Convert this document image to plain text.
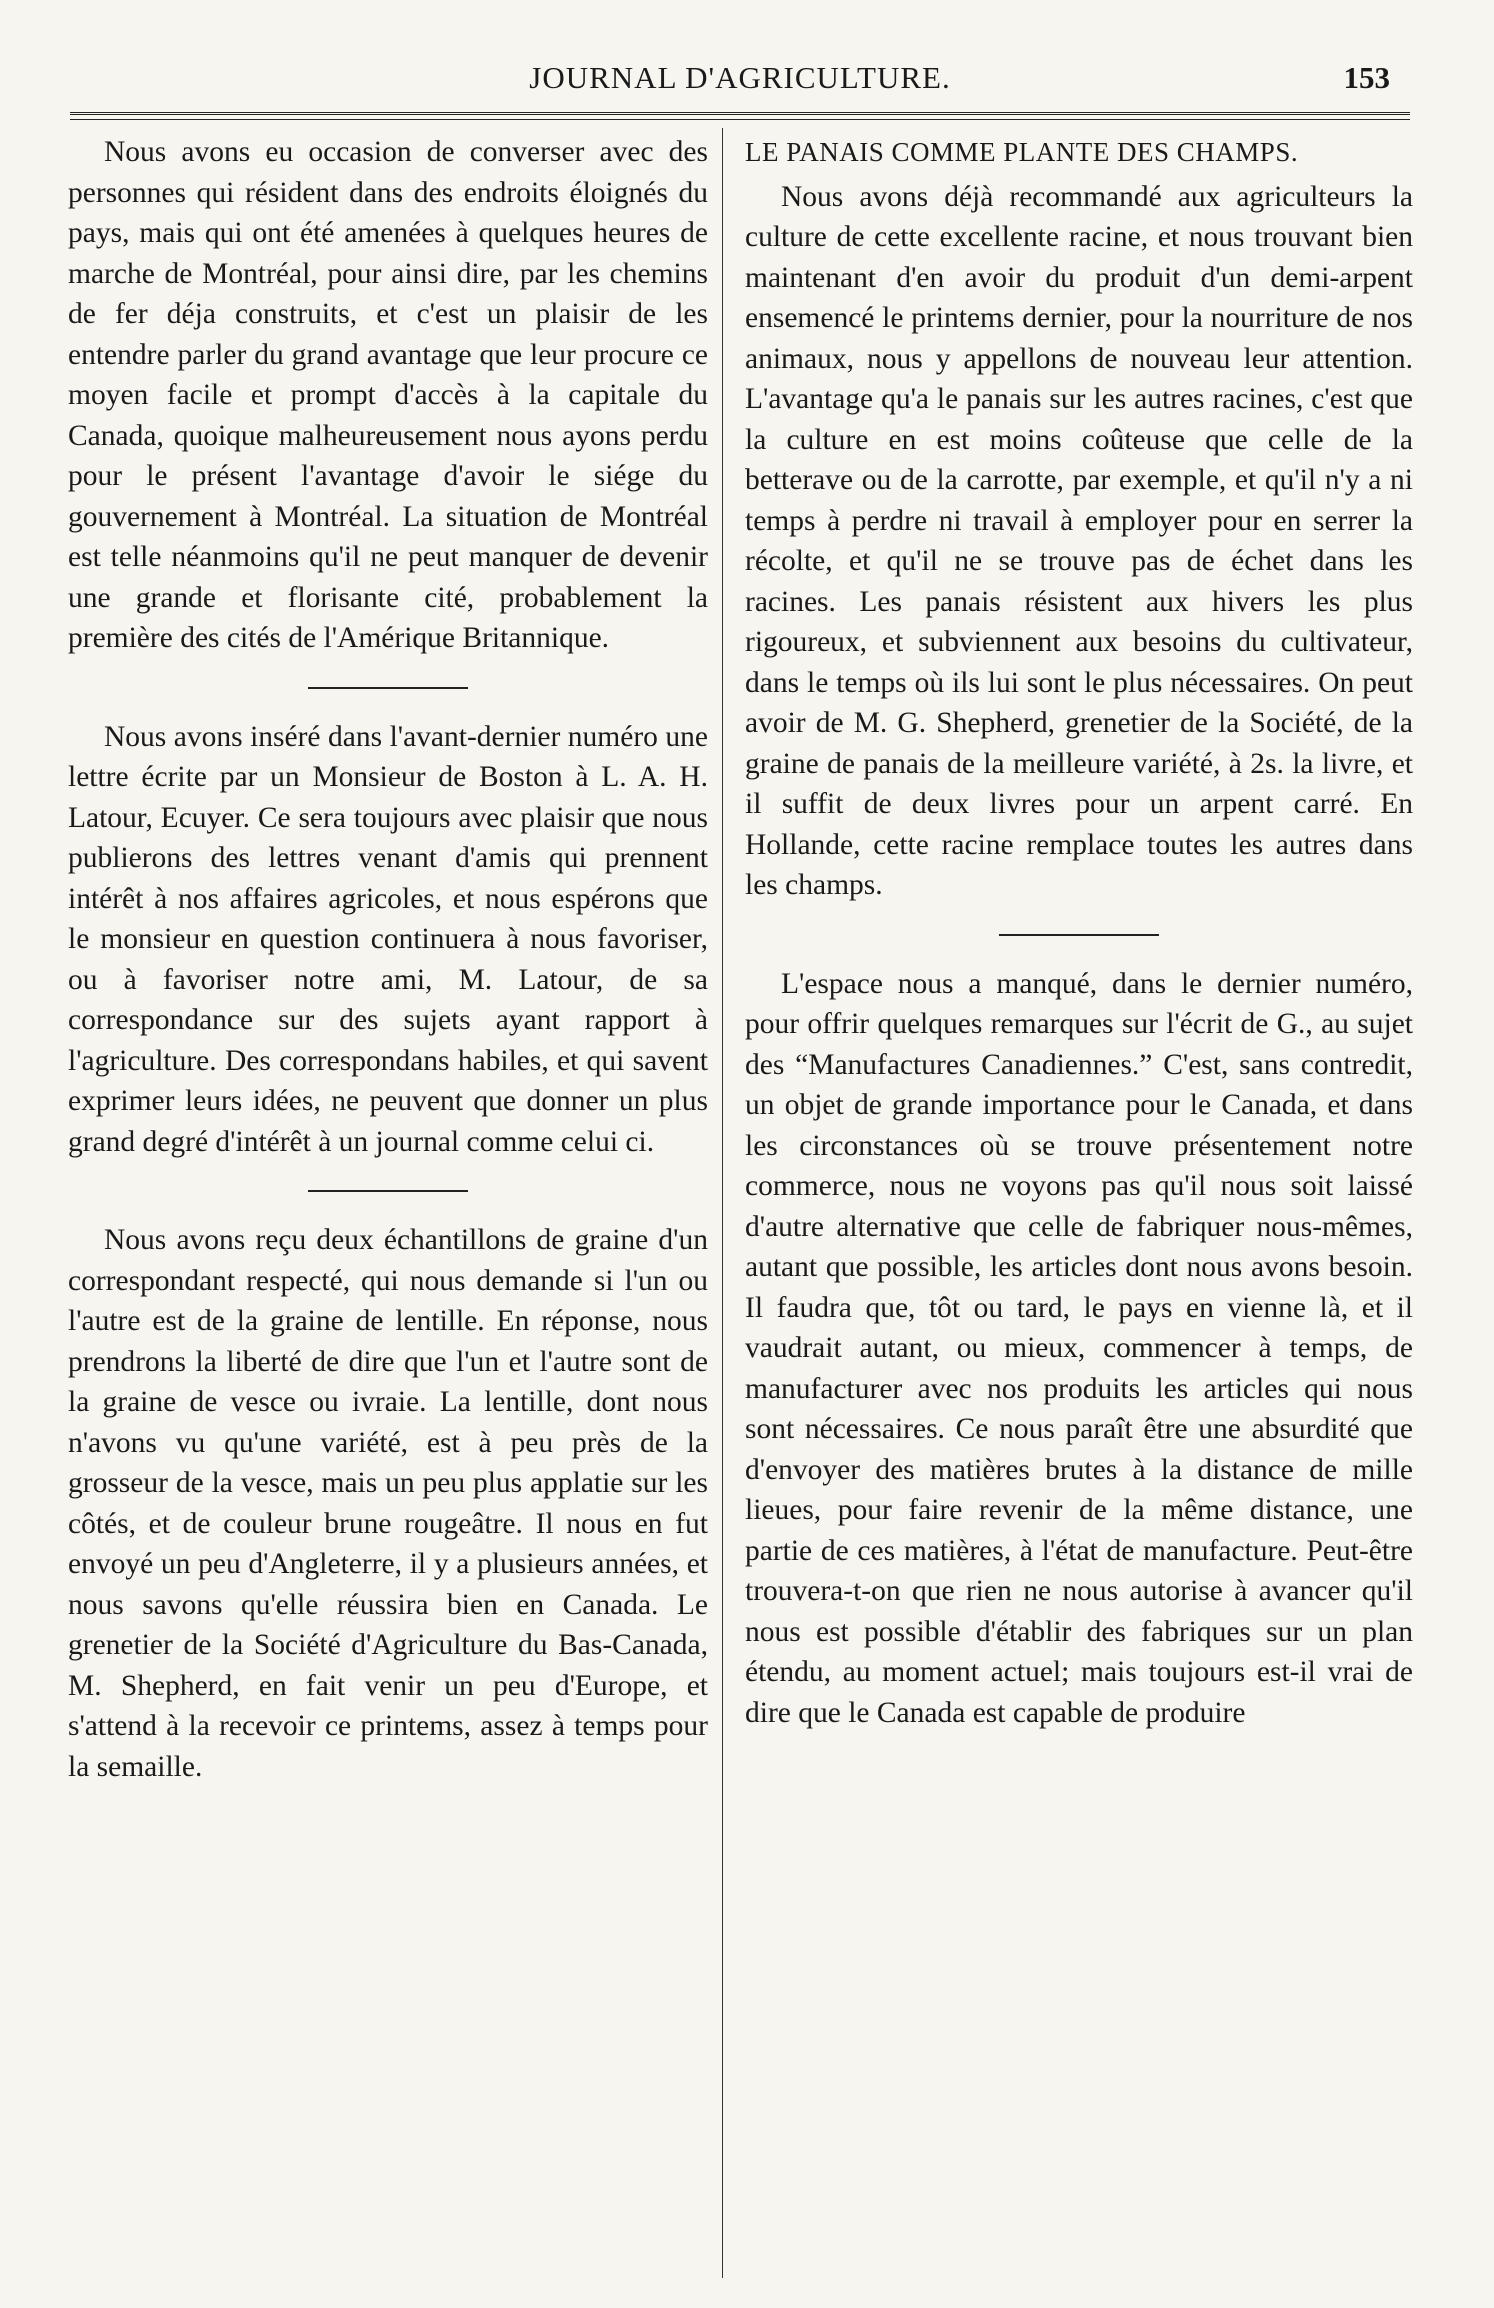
JOURNAL D'AGRICULTURE.	153

Nous avons eu occasion de converser avec des personnes qui résident dans des endroits éloignés du pays, mais qui ont été amenées à quelques heures de marche de Montréal, pour ainsi dire, par les chemins de fer déja construits, et c'est un plaisir de les entendre parler du grand avantage que leur procure ce moyen facile et prompt d'accès à la capitale du Canada, quoique malheureusement nous ayons perdu pour le présent l'avantage d'avoir le siége du gouvernement à Montréal. La situation de Montréal est telle néanmoins qu'il ne peut manquer de devenir une grande et florisante cité, probablement la première des cités de l'Amérique Britannique.

Nous avons inséré dans l'avant-dernier numéro une lettre écrite par un Monsieur de Boston à L. A. H. Latour, Ecuyer. Ce sera toujours avec plaisir que nous publierons des lettres venant d'amis qui prennent intérêt à nos affaires agricoles, et nous espérons que le monsieur en question continuera à nous favoriser, ou à favoriser notre ami, M. Latour, de sa correspondance sur des sujets ayant rapport à l'agriculture. Des correspondans habiles, et qui savent exprimer leurs idées, ne peuvent que donner un plus grand degré d'intérêt à un journal comme celui ci.

Nous avons reçu deux échantillons de graine d'un correspondant respecté, qui nous demande si l'un ou l'autre est de la graine de lentille. En réponse, nous prendrons la liberté de dire que l'un et l'autre sont de la graine de vesce ou ivraie. La lentille, dont nous n'avons vu qu'une variété, est à peu près de la grosseur de la vesce, mais un peu plus applatie sur les côtés, et de couleur brune rougeâtre. Il nous en fut envoyé un peu d'Angleterre, il y a plusieurs années, et nous savons qu'elle réussira bien en Canada. Le grenetier de la Société d'Agriculture du Bas-Canada, M. Shepherd, en fait venir un peu d'Europe, et s'attend à la recevoir ce printems, assez à temps pour la semaille.

LE PANAIS COMME PLANTE DES CHAMPS.

Nous avons déjà recommandé aux agriculteurs la culture de cette excellente racine, et nous trouvant bien maintenant d'en avoir du produit d'un demi-arpent ensemencé le printems dernier, pour la nourriture de nos animaux, nous y appellons de nouveau leur attention. L'avantage qu'a le panais sur les autres racines, c'est que la culture en est moins coûteuse que celle de la betterave ou de la carrotte, par exemple, et qu'il n'y a ni temps à perdre ni travail à employer pour en serrer la récolte, et qu'il ne se trouve pas de échet dans les racines. Les panais résistent aux hivers les plus rigoureux, et subviennent aux besoins du cultivateur, dans le temps où ils lui sont le plus nécessaires. On peut avoir de M. G. Shepherd, grenetier de la Société, de la graine de panais de la meilleure variété, à 2s. la livre, et il suffit de deux livres pour un arpent carré. En Hollande, cette racine remplace toutes les autres dans les champs.

L'espace nous a manqué, dans le dernier numéro, pour offrir quelques remarques sur l'écrit de G., au sujet des “Manufactures Canadiennes.” C'est, sans contredit, un objet de grande importance pour le Canada, et dans les circonstances où se trouve présentement notre commerce, nous ne voyons pas qu'il nous soit laissé d'autre alternative que celle de fabriquer nous-mêmes, autant que possible, les articles dont nous avons besoin. Il faudra que, tôt ou tard, le pays en vienne là, et il vaudrait autant, ou mieux, commencer à temps, de manufacturer avec nos produits les articles qui nous sont nécessaires. Ce nous paraît être une absurdité que d'envoyer des matières brutes à la distance de mille lieues, pour faire revenir de la même distance, une partie de ces matières, à l'état de manufacture. Peut-être trouvera-t-on que rien ne nous autorise à avancer qu'il nous est possible d'établir des fabriques sur un plan étendu, au moment actuel; mais toujours est-il vrai de dire que le Canada est capable de produire
